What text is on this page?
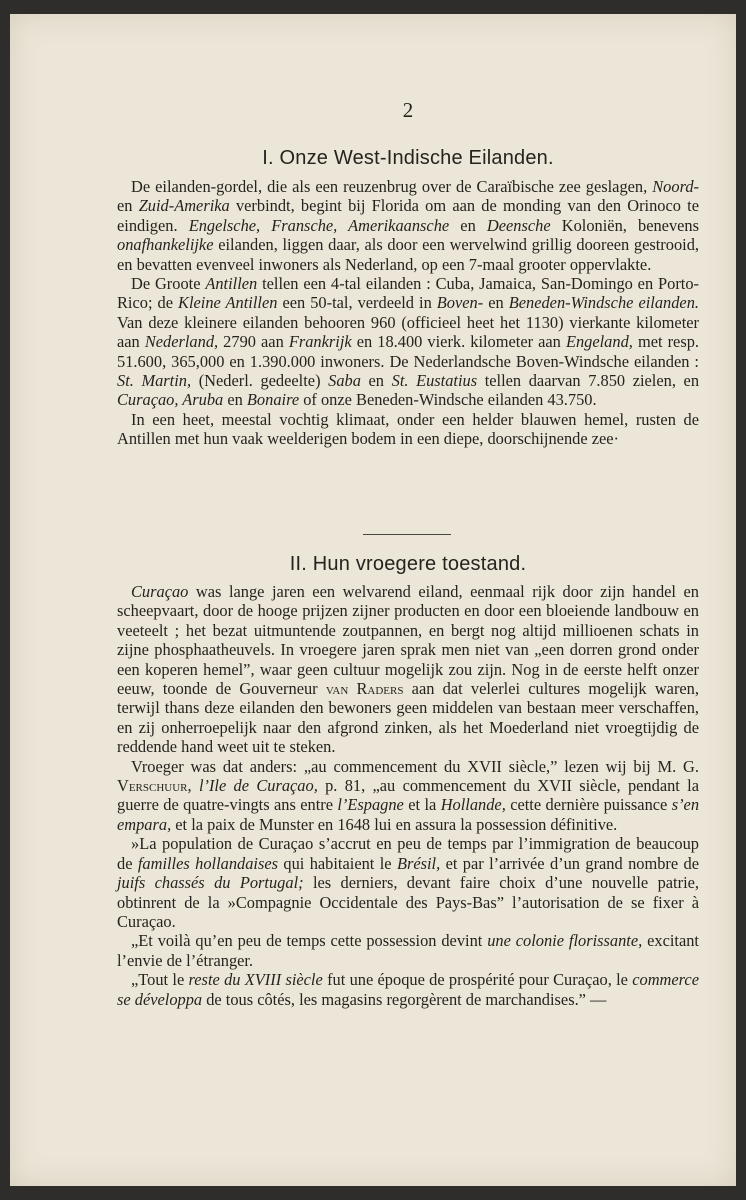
2
I. Onze West-Indische Eilanden.

De eilanden-gordel, die als een reuzenbrug over de Caraïbische zee geslagen, Noord- en Zuid-Amerika verbindt, begint bij Florida om aan de monding van den Orinoco te eindigen. Engelsche, Fransche, Amerikaansche en Deensche Koloniën, benevens onafhankelijke eilanden, liggen daar, als door een wervelwind grillig dooreen gestrooid, en bevatten evenveel inwoners als Nederland, op een 7-maal grooter oppervlakte.

De Groote Antillen tellen een 4-tal eilanden : Cuba, Jamaica, San-Domingo en Porto-Rico; de Kleine Antillen een 50-tal, verdeeld in Boven- en Beneden-Windsche eilanden. Van deze kleinere eilanden behooren 960 (officieel heet het 1130) vierkante kilometer aan Nederland, 2790 aan Frankrijk en 18.400 vierk. kilometer aan Engeland, met resp. 51.600, 365,000 en 1.390.000 inwoners. De Nederlandsche Boven-Windsche eilanden : St. Martin, (Nederl. gedeelte) Saba en St. Eustatius tellen daarvan 7.850 zielen, en Curaçao, Aruba en Bonaire of onze Beneden-Windsche eilanden 43.750.

In een heet, meestal vochtig klimaat, onder een helder blauwen hemel, rusten de Antillen met hun vaak weelderigen bodem in een diepe, doorschijnende zee·

II. Hun vroegere toestand.

Curaçao was lange jaren een welvarend eiland, eenmaal rijk door zijn handel en scheepvaart, door de hooge prijzen zijner producten en door een bloeiende landbouw en veeteelt ; het bezat uitmuntende zoutpannen, en bergt nog altijd millioenen schats in zijne phosphaatheuvels. In vroegere jaren sprak men niet van „een dorren grond onder een koperen hemel”, waar geen cultuur mogelijk zou zijn. Nog in de eerste helft onzer eeuw, toonde de Gouverneur van Raders aan dat velerlei cultures mogelijk waren, terwijl thans deze eilanden den bewoners geen middelen van bestaan meer verschaffen, en zij onherroepelijk naar den afgrond zinken, als het Moederland niet vroegtijdig de reddende hand weet uit te steken.

Vroeger was dat anders: „au commencement du XVII siècle,” lezen wij bij M. G. Verschuur, l’Ile de Curaçao, p. 81, „au commencement du XVII siècle, pendant la guerre de quatre-vingts ans entre l’Espagne et la Hollande, cette dernière puissance s’en empara, et la paix de Munster en 1648 lui en assura la possession définitive.

»La population de Curaçao s’accrut en peu de temps par l’immigration de beaucoup de familles hollandaises qui habitaient le Brésil, et par l’arrivée d’un grand nombre de juifs chassés du Portugal; les derniers, devant faire choix d’une nouvelle patrie, obtinrent de la »Compagnie Occidentale des Pays-Bas” l’autorisation de se fixer à Curaçao.

„Et voilà qu’en peu de temps cette possession devint une colonie florissante, excitant l’envie de l’étranger.

„Tout le reste du XVIII siècle fut une époque de prospérité pour Curaçao, le commerce se développa de tous côtés, les magasins regorgèrent de marchandises.” —
